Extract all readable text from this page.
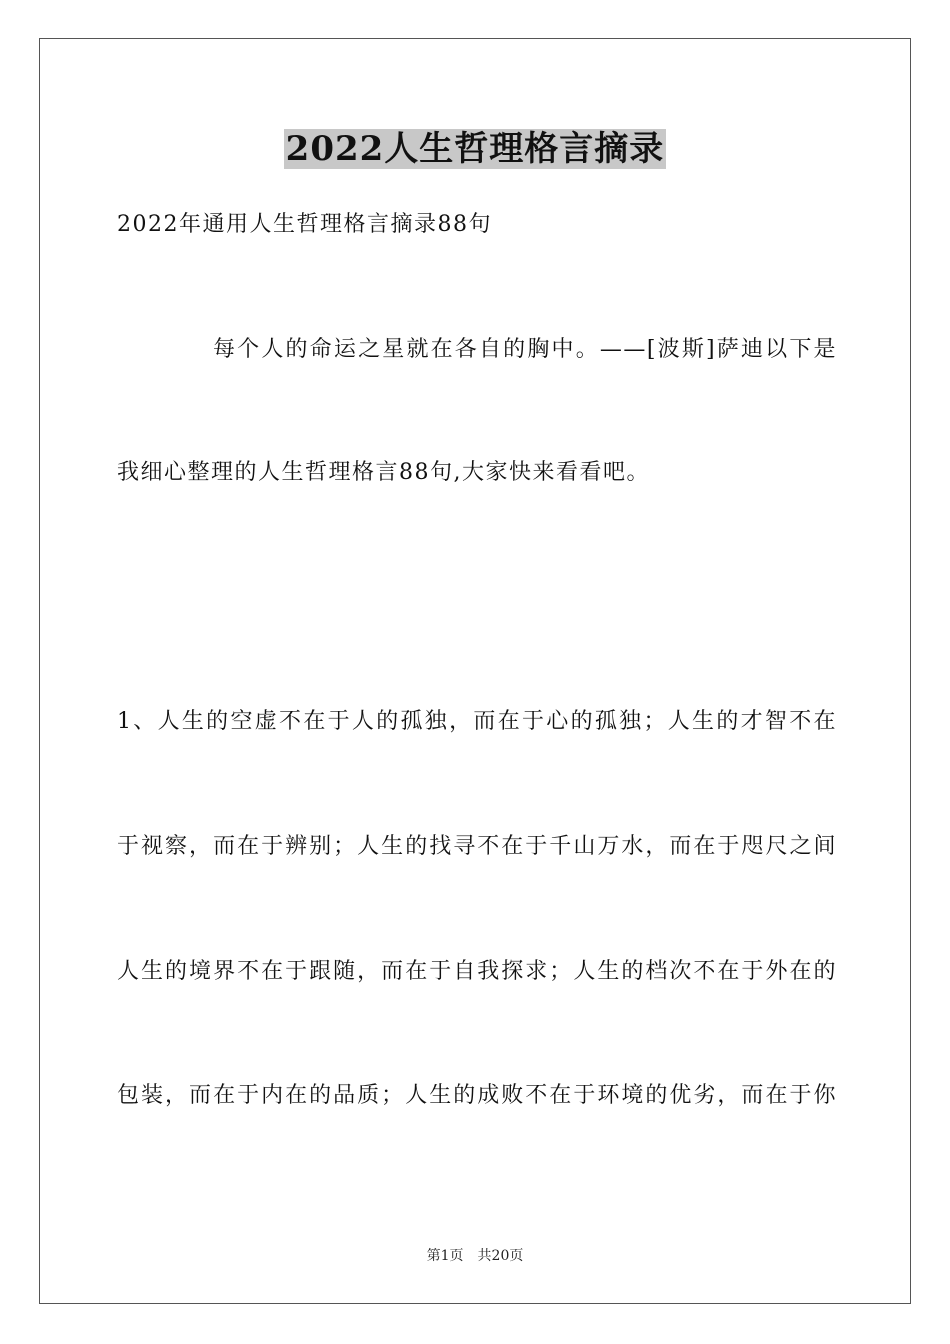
2022人生哲理格言摘录
2022年通用人生哲理格言摘录88句
每个人的命运之星就在各自的胸中。——[波斯]萨迪以下是
我细心整理的人生哲理格言88句,大家快来看看吧。
1、人生的空虚不在于人的孤独，而在于心的孤独；人生的才智不在
于视察，而在于辨别；人生的找寻不在于千山万水，而在于咫尺之间
人生的境界不在于跟随，而在于自我探求；人生的档次不在于外在的
包装，而在于内在的品质；人生的成败不在于环境的优劣，而在于你
第1页 共20页
